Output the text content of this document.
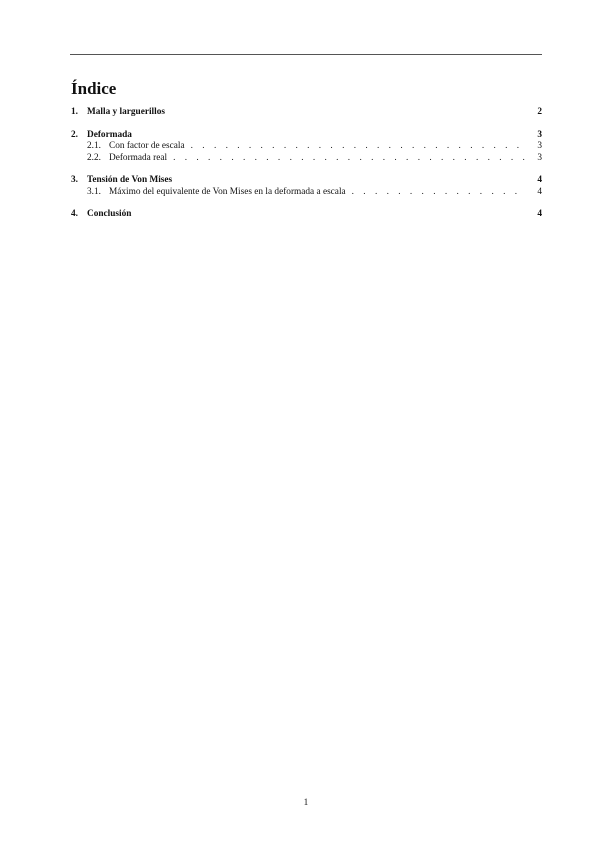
Índice
1. Malla y larguerillos	2
2. Deformada	3
2.1. Con factor de escala . . .	3
2.2. Deformada real . . .	3
3. Tensión de Von Mises	4
3.1. Máximo del equivalente de Von Mises en la deformada a escala . . .	4
4. Conclusión	4
1
